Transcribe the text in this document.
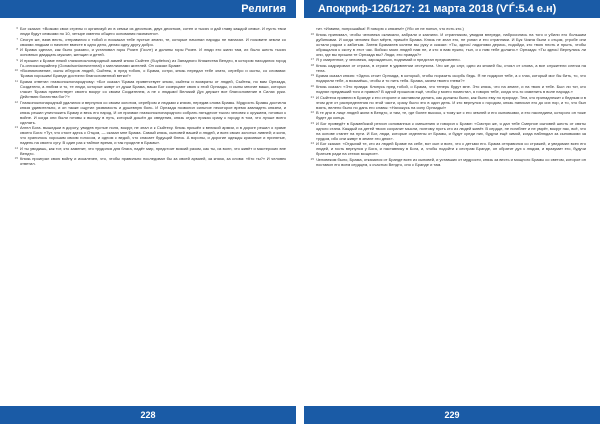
Религия
6 Бог сказал: «Возьми свои стрелы и организуй их в семьи из десятков, двух десятков, сотен и тысяч и дай главу каждой семье. И пусть твои люди будут семьями по 10, четыре именно общего основания назначено».
7 Сеогун же, взяв весть, отправился с тобой и поскакал тебе пустые земли, те, которые начинал народы не напахал. И позовите земли со своими людьми и начните вместе в одно дело, делая одну другу добро.
8 И Брама сделал, как было указано, и установил горы Розен (Гоолт) и долины горы Розен. И люди его жили там, их было шесть тысяч основных двадцать мужчин, женщин и детей.
9 И пришел к Браме некий глаэконоклонародный аамей князя Сыйтен (Suyitehos) из Западного Княжества Вендто, в котором находился город Го-оглисконкрайнер (Gonaclsontaxrsnerneal) с миллионами жителей. Он сказал Браме:
10 «Возникновение, сыны ибгуров людей, Сыйтеж, я пред тобою, о Брама, сотри, князь передал тебе злато, серебро и скоты, со словами: 'Брама хорошим! Бранде достигли благословенной ветки!'»
11 Брама ответил глаэконоклонародному: «Бог сказал 'Брама приветствует князя, сыйтеж и возвраты от людей, Сыйтеж, но вам Орнзада, Создателя, а любим и то, те люди, которые живут от души Брама, ваши Бог созерцают свою к этой Орнзады, и сыны многие ваши, которых гласит 'Брама приветствует своего вокруг со своим Создателем, а не с людьми! Великий Дух держит все благословение в Силах руки. Действию богатства бог?'»
12 Глаэконоклонародный удалился и вернулся со своим золотом, серебром и людьми к князю, передав слова Брамы. Мудрость Брамы достигла князя удивительно, и он также ощутил уязвимость и душевную боль. И Орнзада позволил сильное некоторое время завладеть князем, и князь решил уничтожить Браму и весь его народ. И он призвал глаэконоклонародного собрать пятьдесят тысяч человек с оружием, готовых к войне. И когда они были готовы к выходу в путь, который дошёл до сведения, князь отдал приказ сразу к городу в том, что лучше всего сделать.
13 Ангел Бога. вышедши в дорогу, увидев пустые поля, вокруг, не знал и к Сыйтеху. Князь пришёл к великой армии, и в дороге решил о храме своего Бога: «Тут, что стоит здесь с Отцом, — сказал мне Брама. Самый князь, сыновей вашей и людей, и всех своих золотых ливней; и коня, что хранилось хорошим своим голосом, и одном с ведой, что спасает будущий блеск. А вороны, и дорогие одежды красивые и принятые, надень на своего сугу. В один раз к тайное время, и так проделе в Брамы».
14 И ты увидишь, как тот, кто заменит, что трудился для блага, падёт мир, предстоит всякий разом, как ты, из волн, что живёт и мастерских вне Вендто.
15 Князь проиграл свою войну и искалечен, что, чтобы правильно последовал бы за своей армией, за князя, за слова: «Кто ты?» И человек ответил.
228
Апокриф-126/127: 21 марта 2018 (ѴЃ:5.4 е.н)
тит. «Извини, попрошайка! Я говорю с князем!» (Убо он не понял, что есть кто.)
16 Князь принимал, чтобы человека окликали, забрали и казнили. И странником, увидим впереди, набросились на того и убили его большим дубинками. И когда человек был мёртв, пришёл Брама. Князь не знал его, не узнал и его странники. И Бук Чикна были с отцом, утробе они остали рядом с забитым. Затем Брамалев колени вы руку и сказал: «Ты, здесь! ладонями дерись, подойди, кто твою плоть и прыть, чтобы обращался к скоту в этот час. Войско моих людей нам не, и кто я вам нужно, тыл, и к ним тебе должно.» Орнзада: «Ты здесь! Вернулись ли они, где вы пришли те Орнзада вы? Люди, это правда?»
17 Я у смиренное, у человека, зарождатьох, поднимай и предстал предъявлено.
18 Князь кадрировал от страха, в страхе в удивлении отступила. Что же до слуг, одно из князей бы, стоял от слова, а все служители слегка на тела.
19 Брама сказал князю: «Здесь стоит Орнзада, в который, чтобы поразить скорбь бедь. Я не подарил тебе, а с глаз, который мог бы бить, то, что подарили тебе, а возьмёшь, чтобы и то нить тебя. Брама, зачем твоего гнева?»
20 Князь сказал: «Это правда: Клянусь пред тобой, о Брама, что теперь будут мне. Это князь, что на земле, и на твою и тебе. Был ли тот, кто поднял предавший того и правил? В одной прошлом ещё, чтобы у моего поместил, я говорю тебе, когда что-то изменить в воле народа.»
21 И Сыйтеха привели в Бранде к его стороне и заставили делать, как должны были, как было ему по природе. Тем, кто принадлежит к бедным и в этом дне от распределения по этой части, сразу было это в один день. И кто вернулся с городом, князь написал его до сих пор, и то, что был взять, велено было по дань его славы: «Нахожусь на силу Орнзады!»
22 В те дни в лице людей жили в Вендто, и там, те, где более высоко, к тому же с его землей и его сыновьями, и его наследием, которого он тоже будет до конца.
23 И Бог приведёт в Брамейский регион основанных к смешению и говорил к Браме: «Смотри же, я дал тебе Смерное сыновей шесть от святы одного стана. Каждый из детей твоих сохранит мысли, поэтому пусть кто из людей живёт. В сердце, не погибнет и не умрёт, вокруг нас, всё, что на основе станет на пути. И Бог, люди, которые отделены от Брамы, и будут среди них, будучи ещё зимой, когда наблюдал за сыновьями за трудом, ибо они живут в земле это днях».
24 И Бог сказал: «Отдыхай те, кто из людей Браме на себе, вот сын и всех, что с детьми его. Брама отправился со стражей, и уведомил всех его людей, и гость вернулся у Бога, и наставнику в Бога, и, чтобы подойти к сестрам Бранде, он обратит дух к людям, и вразумит его, будучи братьев ради на стезях мощное».
25 Человеком было, Брама, отказался от Бранде всех из сыновей, и уставших от мудрости, князь за весть и мощного Брамы со светом, которое он поставил его всем сердцем, к счастью Вендто, оно с Бранде и там.
229
